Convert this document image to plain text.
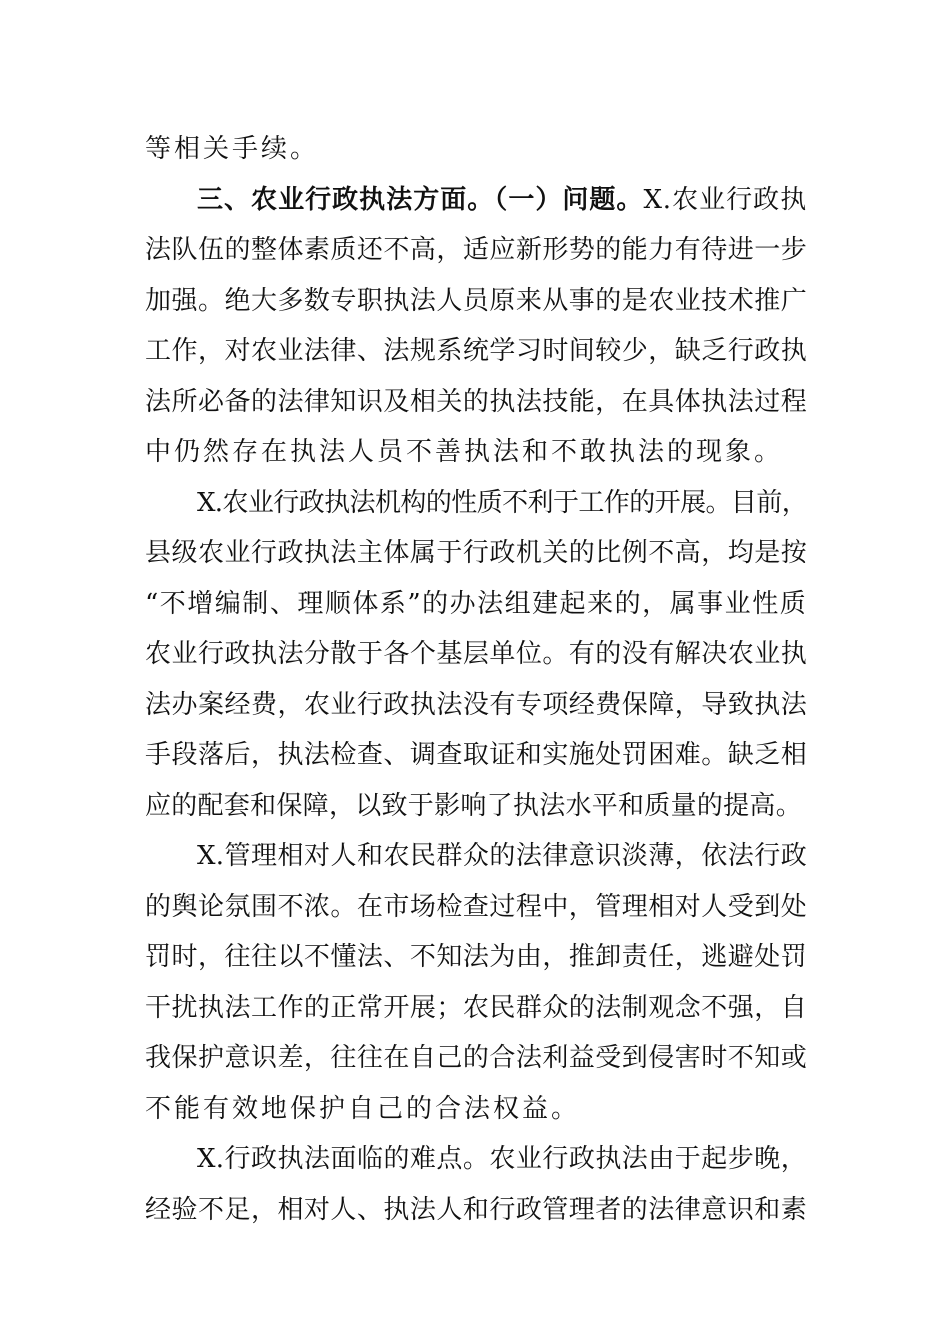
等相关手续。
三、农业行政执法方面。（一）问题。X.农业行政执
法队伍的整体素质还不高，适应新形势的能力有待进一步
加强。绝大多数专职执法人员原来从事的是农业技术推广
工作，对农业法律、法规系统学习时间较少，缺乏行政执
法所必备的法律知识及相关的执法技能，在具体执法过程
中仍然存在执法人员不善执法和不敢执法的现象。
X.农业行政执法机构的性质不利于工作的开展。目前，
县级农业行政执法主体属于行政机关的比例不高，均是按
“不增编制、理顺体系”的办法组建起来的，属事业性质
农业行政执法分散于各个基层单位。有的没有解决农业执
法办案经费，农业行政执法没有专项经费保障，导致执法
手段落后，执法检查、调查取证和实施处罚困难。缺乏相
应的配套和保障，以致于影响了执法水平和质量的提高。
X.管理相对人和农民群众的法律意识淡薄，依法行政
的舆论氛围不浓。在市场检查过程中，管理相对人受到处
罚时，往往以不懂法、不知法为由，推卸责任，逃避处罚
干扰执法工作的正常开展；农民群众的法制观念不强，自
我保护意识差，往往在自己的合法利益受到侵害时不知或
不能有效地保护自己的合法权益。
X.行政执法面临的难点。农业行政执法由于起步晚，
经验不足，相对人、执法人和行政管理者的法律意识和素
